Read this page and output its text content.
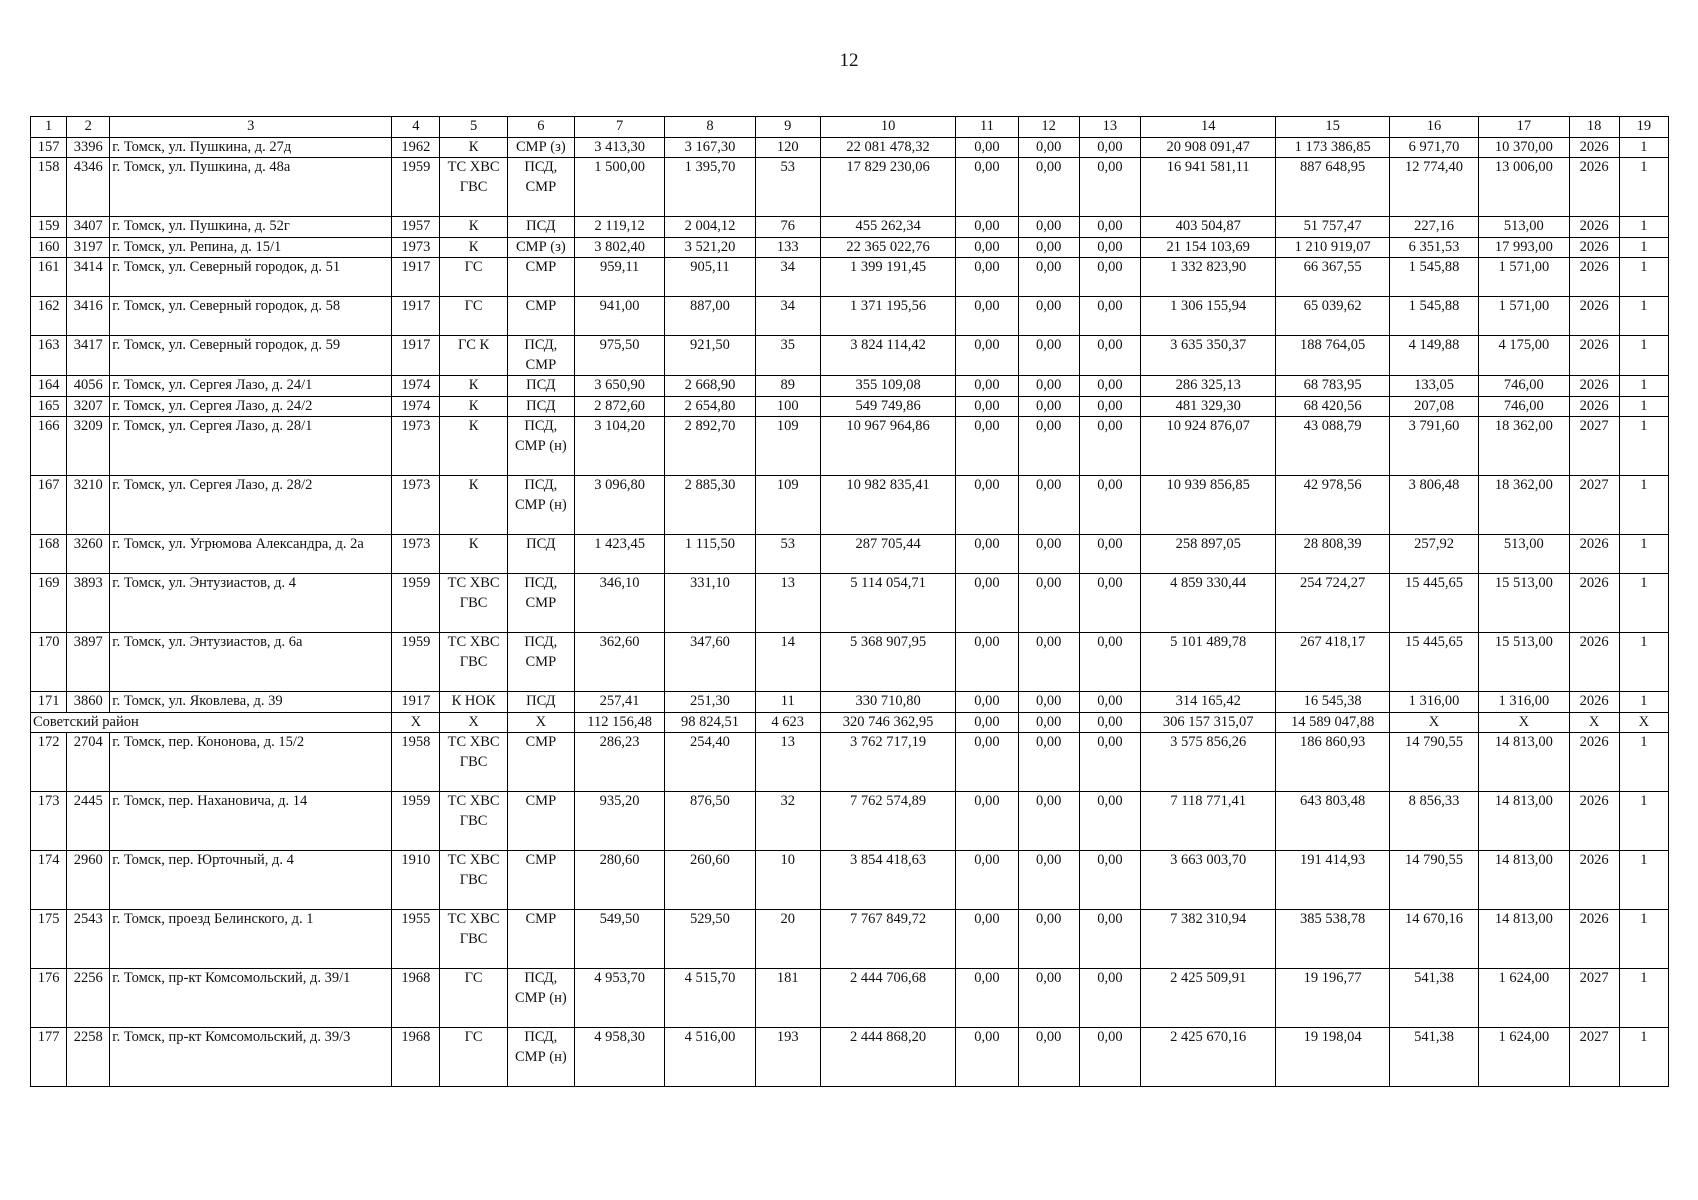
12
1	2	3	4	5	6	7	8	9	10	11	12	13	14	15	16	17	18	19
157	3396	г. Томск, ул. Пушкина, д. 27д	1962	К	СМР (з)	3 413,30	3 167,30	120	22 081 478,32	0,00	0,00	0,00	20 908 091,47	1 173 386,85	6 971,70	10 370,00	2026	1
158	4346	г. Томск, ул. Пушкина, д. 48а	1959	ТС ХВС ГВС	ПСД, СМР	1 500,00	1 395,70	53	17 829 230,06	0,00	0,00	0,00	16 941 581,11	887 648,95	12 774,40	13 006,00	2026	1
159	3407	г. Томск, ул. Пушкина, д. 52г	1957	К	ПСД	2 119,12	2 004,12	76	455 262,34	0,00	0,00	0,00	403 504,87	51 757,47	227,16	513,00	2026	1
160	3197	г. Томск, ул. Репина, д. 15/1	1973	К	СМР (з)	3 802,40	3 521,20	133	22 365 022,76	0,00	0,00	0,00	21 154 103,69	1 210 919,07	6 351,53	17 993,00	2026	1
161	3414	г. Томск, ул. Северный городок, д. 51	1917	ГС	СМР	959,11	905,11	34	1 399 191,45	0,00	0,00	0,00	1 332 823,90	66 367,55	1 545,88	1 571,00	2026	1
162	3416	г. Томск, ул. Северный городок, д. 58	1917	ГС	СМР	941,00	887,00	34	1 371 195,56	0,00	0,00	0,00	1 306 155,94	65 039,62	1 545,88	1 571,00	2026	1
163	3417	г. Томск, ул. Северный городок, д. 59	1917	ГС К	ПСД, СМР	975,50	921,50	35	3 824 114,42	0,00	0,00	0,00	3 635 350,37	188 764,05	4 149,88	4 175,00	2026	1
164	4056	г. Томск, ул. Сергея Лазо, д. 24/1	1974	К	ПСД	3 650,90	2 668,90	89	355 109,08	0,00	0,00	0,00	286 325,13	68 783,95	133,05	746,00	2026	1
165	3207	г. Томск, ул. Сергея Лазо, д. 24/2	1974	К	ПСД	2 872,60	2 654,80	100	549 749,86	0,00	0,00	0,00	481 329,30	68 420,56	207,08	746,00	2026	1
166	3209	г. Томск, ул. Сергея Лазо, д. 28/1	1973	К	ПСД, СМР (н)	3 104,20	2 892,70	109	10 967 964,86	0,00	0,00	0,00	10 924 876,07	43 088,79	3 791,60	18 362,00	2027	1
167	3210	г. Томск, ул. Сергея Лазо, д. 28/2	1973	К	ПСД, СМР (н)	3 096,80	2 885,30	109	10 982 835,41	0,00	0,00	0,00	10 939 856,85	42 978,56	3 806,48	18 362,00	2027	1
168	3260	г. Томск, ул. Угрюмова Александра, д. 2а	1973	К	ПСД	1 423,45	1 115,50	53	287 705,44	0,00	0,00	0,00	258 897,05	28 808,39	257,92	513,00	2026	1
169	3893	г. Томск, ул. Энтузиастов, д. 4	1959	ТС ХВС ГВС	ПСД, СМР	346,10	331,10	13	5 114 054,71	0,00	0,00	0,00	4 859 330,44	254 724,27	15 445,65	15 513,00	2026	1
170	3897	г. Томск, ул. Энтузиастов, д. 6а	1959	ТС ХВС ГВС	ПСД, СМР	362,60	347,60	14	5 368 907,95	0,00	0,00	0,00	5 101 489,78	267 418,17	15 445,65	15 513,00	2026	1
171	3860	г. Томск, ул. Яковлева, д. 39	1917	К НОК	ПСД	257,41	251,30	11	330 710,80	0,00	0,00	0,00	314 165,42	16 545,38	1 316,00	1 316,00	2026	1
Советский район			X	X	X	112 156,48	98 824,51	4 623	320 746 362,95	0,00	0,00	0,00	306 157 315,07	14 589 047,88	X	X	X	X
172	2704	г. Томск, пер. Кононова, д. 15/2	1958	ТС ХВС ГВС	СМР	286,23	254,40	13	3 762 717,19	0,00	0,00	0,00	3 575 856,26	186 860,93	14 790,55	14 813,00	2026	1
173	2445	г. Томск, пер. Нахановича, д. 14	1959	ТС ХВС ГВС	СМР	935,20	876,50	32	7 762 574,89	0,00	0,00	0,00	7 118 771,41	643 803,48	8 856,33	14 813,00	2026	1
174	2960	г. Томск, пер. Юрточный, д. 4	1910	ТС ХВС ГВС	СМР	280,60	260,60	10	3 854 418,63	0,00	0,00	0,00	3 663 003,70	191 414,93	14 790,55	14 813,00	2026	1
175	2543	г. Томск, проезд Белинского, д. 1	1955	ТС ХВС ГВС	СМР	549,50	529,50	20	7 767 849,72	0,00	0,00	0,00	7 382 310,94	385 538,78	14 670,16	14 813,00	2026	1
176	2256	г. Томск, пр-кт Комсомольский, д. 39/1	1968	ГС	ПСД, СМР (н)	4 953,70	4 515,70	181	2 444 706,68	0,00	0,00	0,00	2 425 509,91	19 196,77	541,38	1 624,00	2027	1
177	2258	г. Томск, пр-кт Комсомольский, д. 39/3	1968	ГС	ПСД, СМР (н)	4 958,30	4 516,00	193	2 444 868,20	0,00	0,00	0,00	2 425 670,16	19 198,04	541,38	1 624,00	2027	1
